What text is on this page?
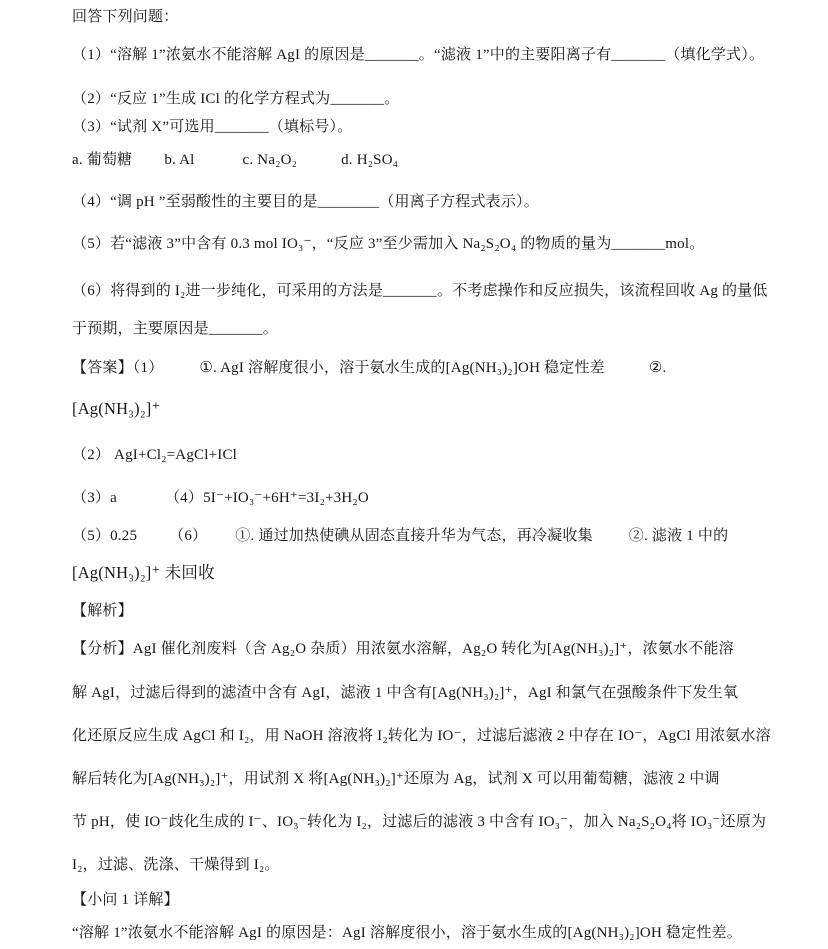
回答下列问题：
（1）“溶解 1”浓氨水不能溶解 AgI 的原因是_______。“滤液 1”中的主要阳离子有_______（填化学式）。
（2）“反应 1”生成 ICl 的化学方程式为_______。
（3）“试剂 X”可选用_______（填标号）。
a. 葡萄糖 b. Al	c. Na₂O₂	d. H₂SO₄
（4）“调 pH ”至弱酸性的主要目的是________（用离子方程式表示）。
（5）若“滤液 3”中含有 0.3 mol IO₃⁻，“反应 3”至少需加入 Na₂S₂O₄ 的物质的量为_______mol。
（6）将得到的 I₂进一步纯化，可采用的方法是_______。不考虑操作和反应损失，该流程回收 Ag 的量低
于预期，主要原因是_______。
【答案】（1） ①. AgI 溶解度很小，溶于氨水生成的[Ag(NH₃)₂]OH 稳定性差	②.
[Ag(NH₃)₂]⁺
（2） AgI+Cl₂=AgCl+ICl
（3）a	（4）5I⁻+IO₃⁻+6H⁺=3I₂+3H₂O
（5）0.25 （6） ①. 通过加热使碘从固态直接升华为气态，再冷凝收集 ②. 滤液 1 中的
[Ag(NH₃)₂]⁺ 未回收
【解析】
【分析】AgI 催化剂废料（含 Ag₂O 杂质）用浓氨水溶解，Ag₂O 转化为[Ag(NH₃)₂]⁺，浓氨水不能溶
解 AgI，过滤后得到的滤渣中含有 AgI，滤液 1 中含有[Ag(NH₃)₂]⁺，AgI 和氯气在强酸条件下发生氧
化还原反应生成 AgCl 和 I₂，用 NaOH 溶液将 I₂转化为 IO⁻，过滤后滤液 2 中存在 IO⁻，AgCl 用浓氨水溶
解后转化为[Ag(NH₃)₂]⁺，用试剂 X 将[Ag(NH₃)₂]⁺还原为 Ag，试剂 X 可以用葡萄糖，滤液 2 中调
节 pH，使 IO⁻歧化生成的 I⁻、IO₃⁻转化为 I₂，过滤后的滤液 3 中含有 IO₃⁻，加入 Na₂S₂O₄将 IO₃⁻还原为
I₂，过滤、洗涤、干燥得到 I₂。
【小问 1 详解】
“溶解 1”浓氨水不能溶解 AgI 的原因是：AgI 溶解度很小，溶于氨水生成的[Ag(NH₃)₂]OH 稳定性差。
